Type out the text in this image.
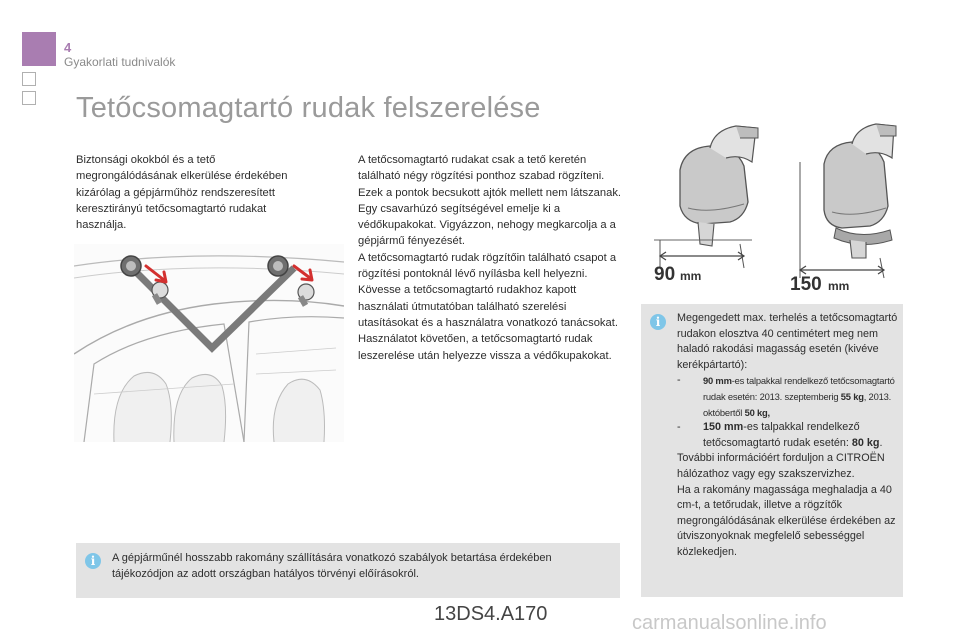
4
Gyakorlati tudnivalók
Tetőcsomagtartó rudak felszerelése

Biztonsági okokból és a tető megrongálódásának elkerülése érdekében kizárólag a gépjárműhöz rendszeresített keresztirányú tetőcsomagtartó rudakat használja.

A tetőcsomagtartó rudakat csak a tető keretén található négy rögzítési ponthoz szabad rögzíteni. Ezek a pontok becsukott ajtók mellett nem látszanak.

Egy csavarhúzó segítségével emelje ki a védőkupakokat. Vigyázzon, nehogy megkarcolja a a gépjármű fényezését.

A tetőcsomagtartó rudak rögzítőin található csapot a rögzítési pontoknál lévő nyílásba kell helyezni.

Kövesse a tetőcsomagtartó rudakhoz kapott használati útmutatóban található szerelési utasításokat és a használatra vonatkozó tanácsokat.

Használatot követően, a tetőcsomagtartó rudak leszerelése után helyezze vissza a védőkupakokat.

90 mm	150 mm
i	Megengedett max. terhelés a tetőcsomagtartó rudakon elosztva 40 centimétert meg nem haladó rakodási magasság esetén (kivéve kerékpártartó):

-	90 mm-es talpakkal rendelkező tetőcsomagtartó rudak esetén: 2013. szeptemberig 55 kg, 2013. októbertől 50 kg,
-	150 mm-es talpakkal rendelkező tetőcsomagtartó rudak esetén: 80 kg.

További információért forduljon a CITROËN hálózathoz vagy egy szakszervizhez.

Ha a rakomány magassága meghaladja a 40 cm-t, a tetőrudak, illetve a rögzítők megrongálódásának elkerülése érdekében az útviszonyoknak megfelelő sebességgel közlekedjen.

i	A gépjárműnél hosszabb rakomány szállítására vonatkozó szabályok betartása érdekében tájékozódjon az adott országban hatályos törvényi előírásokról.
13DS4.A170	carmanualsonline.info
